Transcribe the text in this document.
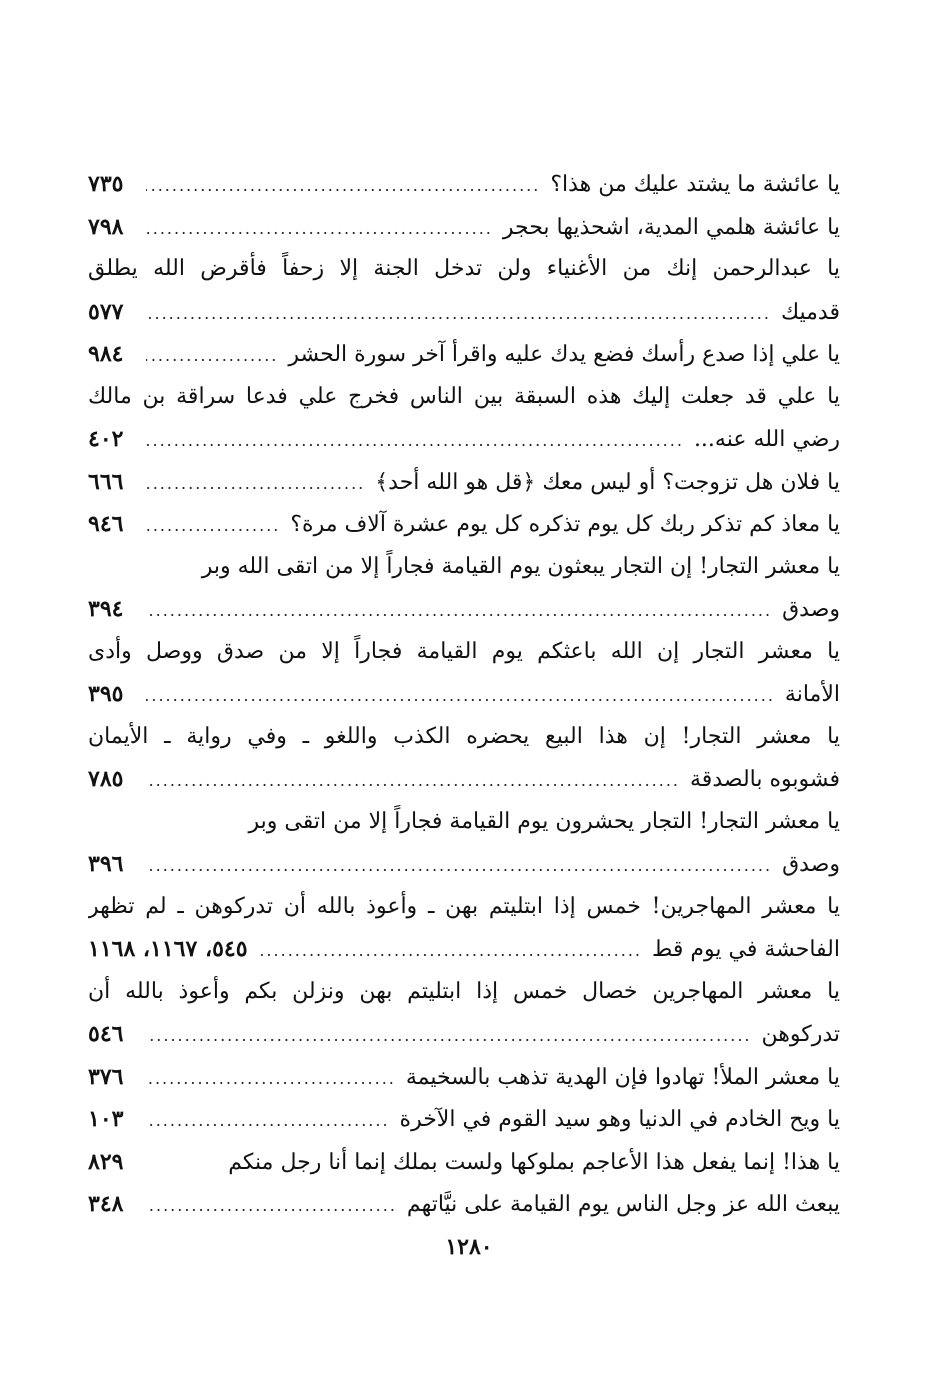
يا عائشة ما يشتد عليك من هذا؟
.....
٧٣٥
يا عائشة هلمي المدية، اشحذيها بحجر
.....
٧٩٨
يا عبدالرحمن إنك من الأغنياء ولن تدخل الجنة إلا زحفاً فأقرض الله يطلق
قدميك
.....
٥٧٧
يا علي إذا صدع رأسك فضع يدك عليه واقرأ آخر سورة الحشر
.....
٩٨٤
يا علي قد جعلت إليك هذه السبقة بين الناس فخرج علي فدعا سراقة بن مالك
رضي الله عنه...
.....
٤٠٢
يا فلان هل تزوجت؟ أو ليس معك ﴿قل هو الله أحد﴾
.....
٦٦٦
يا معاذ كم تذكر ربك كل يوم تذكره كل يوم عشرة آلاف مرة؟
.....
٩٤٦
يا معشر التجار! إن التجار يبعثون يوم القيامة فجاراً إلا من اتقى الله وبر
وصدق
.....
٣٩٤
يا معشر التجار إن الله باعثكم يوم القيامة فجاراً إلا من صدق ووصل وأدى
الأمانة
.....
٣٩٥
يا معشر التجار! إن هذا البيع يحضره الكذب واللغو ـ وفي رواية ـ الأيمان
فشوبوه بالصدقة
.....
٧٨٥
يا معشر التجار! التجار يحشرون يوم القيامة فجاراً إلا من اتقى وبر
وصدق
.....
٣٩٦
يا معشر المهاجرين! خمس إذا ابتليتم بهن ـ وأعوذ بالله أن تدركوهن ـ لم تظهر
الفاحشة في يوم قط
.....
٥٤٥، ١١٦٧، ١١٦٨
يا معشر المهاجرين خصال خمس إذا ابتليتم بهن ونزلن بكم وأعوذ بالله أن
تدركوهن
.....
٥٤٦
يا معشر الملأ! تهادوا فإن الهدية تذهب بالسخيمة
.....
٣٧٦
يا ويح الخادم في الدنيا وهو سيد القوم في الآخرة
.....
١٠٣
يا هذا! إنما يفعل هذا الأعاجم بملوكها ولست بملك إنما أنا رجل منكم
٨٢٩
يبعث الله عز وجل الناس يوم القيامة على نيَّاتهم
.....
٣٤٨
١٢٨٠
